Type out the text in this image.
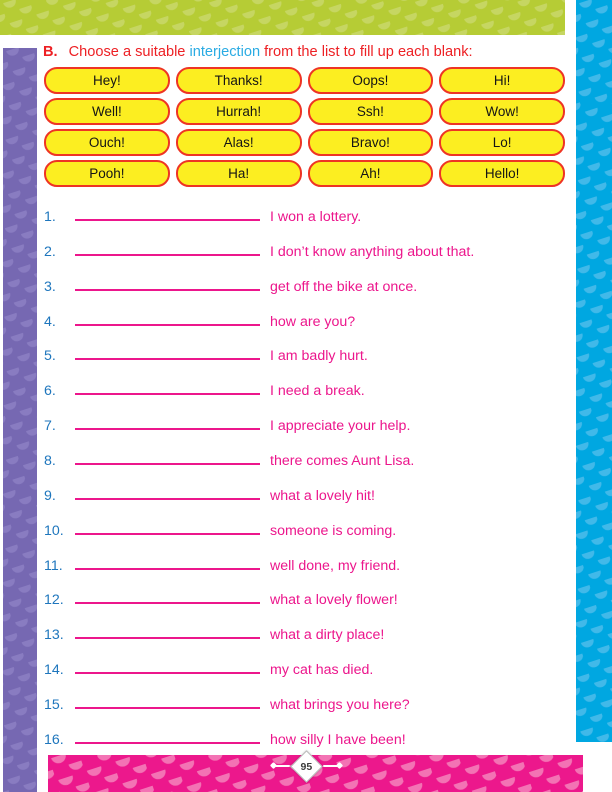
95
B. Choose a suitable interjection from the list to fill up each blank:
Hey!	Thanks!	Oops!	Hi!
Well!	Hurrah!	Ssh!	Wow!
Ouch!	Alas!	Bravo!	Lo!
Pooh!	Ha!	Ah!	Hello!
1.	I won a lottery.
2.	I don’t know anything about that.
3.	get off the bike at once.
4.	how are you?
5.	I am badly hurt.
6.	I need a break.
7.	I appreciate your help.
8.	there comes Aunt Lisa.
9.	what a lovely hit!
10.	someone is coming.
11.	well done, my friend.
12.	what a lovely flower!
13.	what a dirty place!
14.	my cat has died.
15.	what brings you here?
16.	how silly I have been!
